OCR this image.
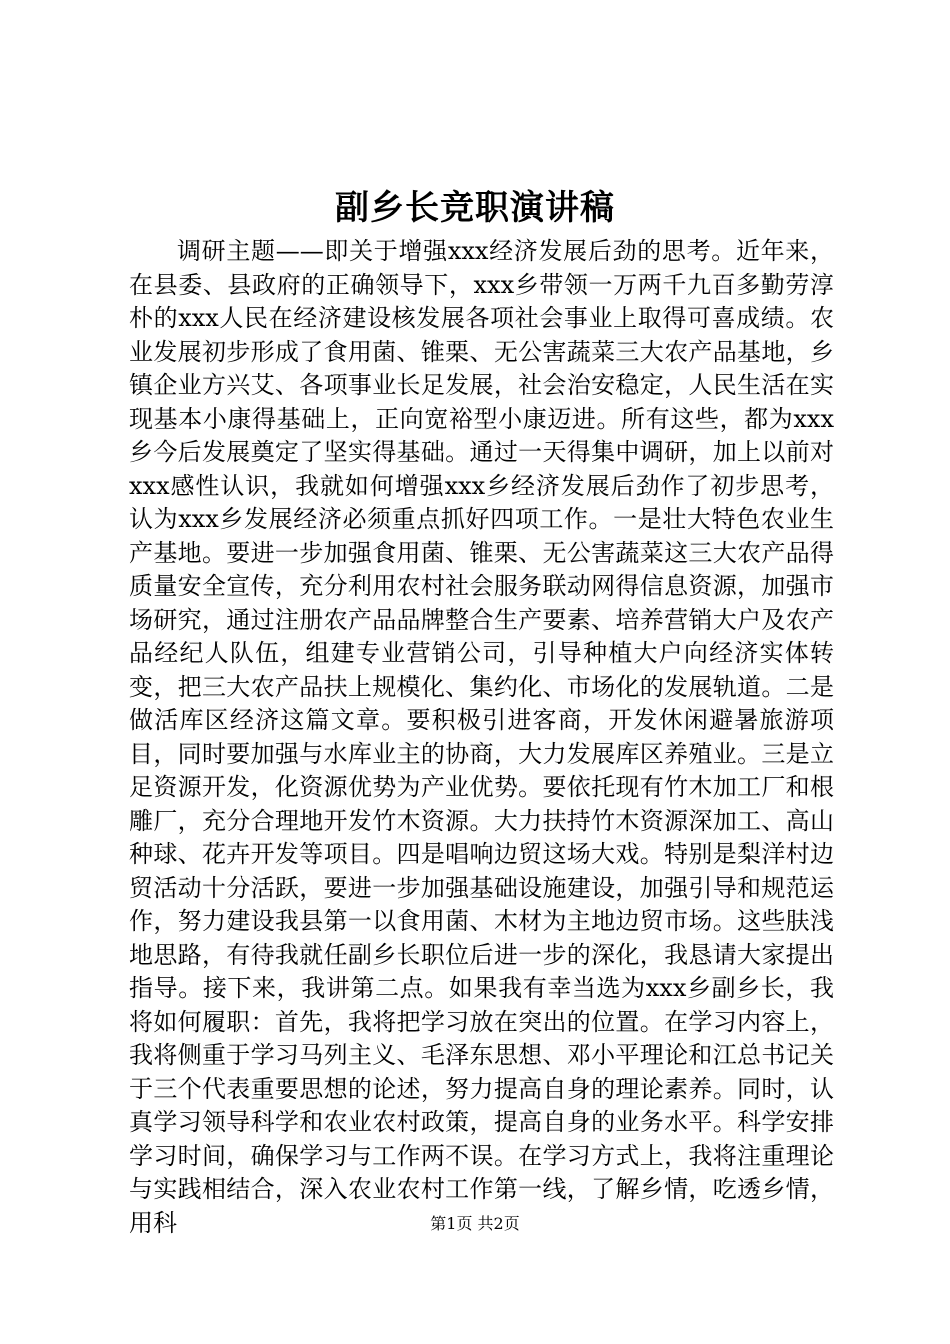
副乡长竞职演讲稿

调研主题——即关于增强xxx经济发展后劲的思考。近年来，在县委、县政府的正确领导下，xxx乡带领一万两千九百多勤劳淳朴的xxx人民在经济建设核发展各项社会事业上取得可喜成绩。农业发展初步形成了食用菌、锥栗、无公害蔬菜三大农产品基地，乡镇企业方兴艾、各项事业长足发展，社会治安稳定，人民生活在实现基本小康得基础上，正向宽裕型小康迈进。所有这些，都为xxx乡今后发展奠定了坚实得基础。通过一天得集中调研，加上以前对xxx感性认识，我就如何增强xxx乡经济发展后劲作了初步思考，认为xxx乡发展经济必须重点抓好四项工作。一是壮大特色农业生产基地。要进一步加强食用菌、锥栗、无公害蔬菜这三大农产品得质量安全宣传，充分利用农村社会服务联动网得信息资源，加强市场研究，通过注册农产品品牌整合生产要素、培养营销大户及农产品经纪人队伍，组建专业营销公司，引导种植大户向经济实体转变，把三大农产品扶上规模化、集约化、市场化的发展轨道。二是做活库区经济这篇文章。要积极引进客商，开发休闲避暑旅游项目，同时要加强与水库业主的协商，大力发展库区养殖业。三是立足资源开发，化资源优势为产业优势。要依托现有竹木加工厂和根雕厂，充分合理地开发竹木资源。大力扶持竹木资源深加工、高山种球、花卉开发等项目。四是唱响边贸这场大戏。特别是梨洋村边贸活动十分活跃，要进一步加强基础设施建设，加强引导和规范运作，努力建设我县第一以食用菌、木材为主地边贸市场。这些肤浅地思路，有待我就任副乡长职位后进一步的深化，我恳请大家提出指导。接下来，我讲第二点。如果我有幸当选为xxx乡副乡长，我将如何履职：首先，我将把学习放在突出的位置。在学习内容上，我将侧重于学习马列主义、毛泽东思想、邓小平理论和江总书记关于三个代表重要思想的论述，努力提高自身的理论素养。同时，认真学习领导科学和农业农村政策，提高自身的业务水平。科学安排学习时间，确保学习与工作两不误。在学习方式上，我将注重理论与实践相结合，深入农业农村工作第一线，了解乡情，吃透乡情，用科	第1页 共2页
